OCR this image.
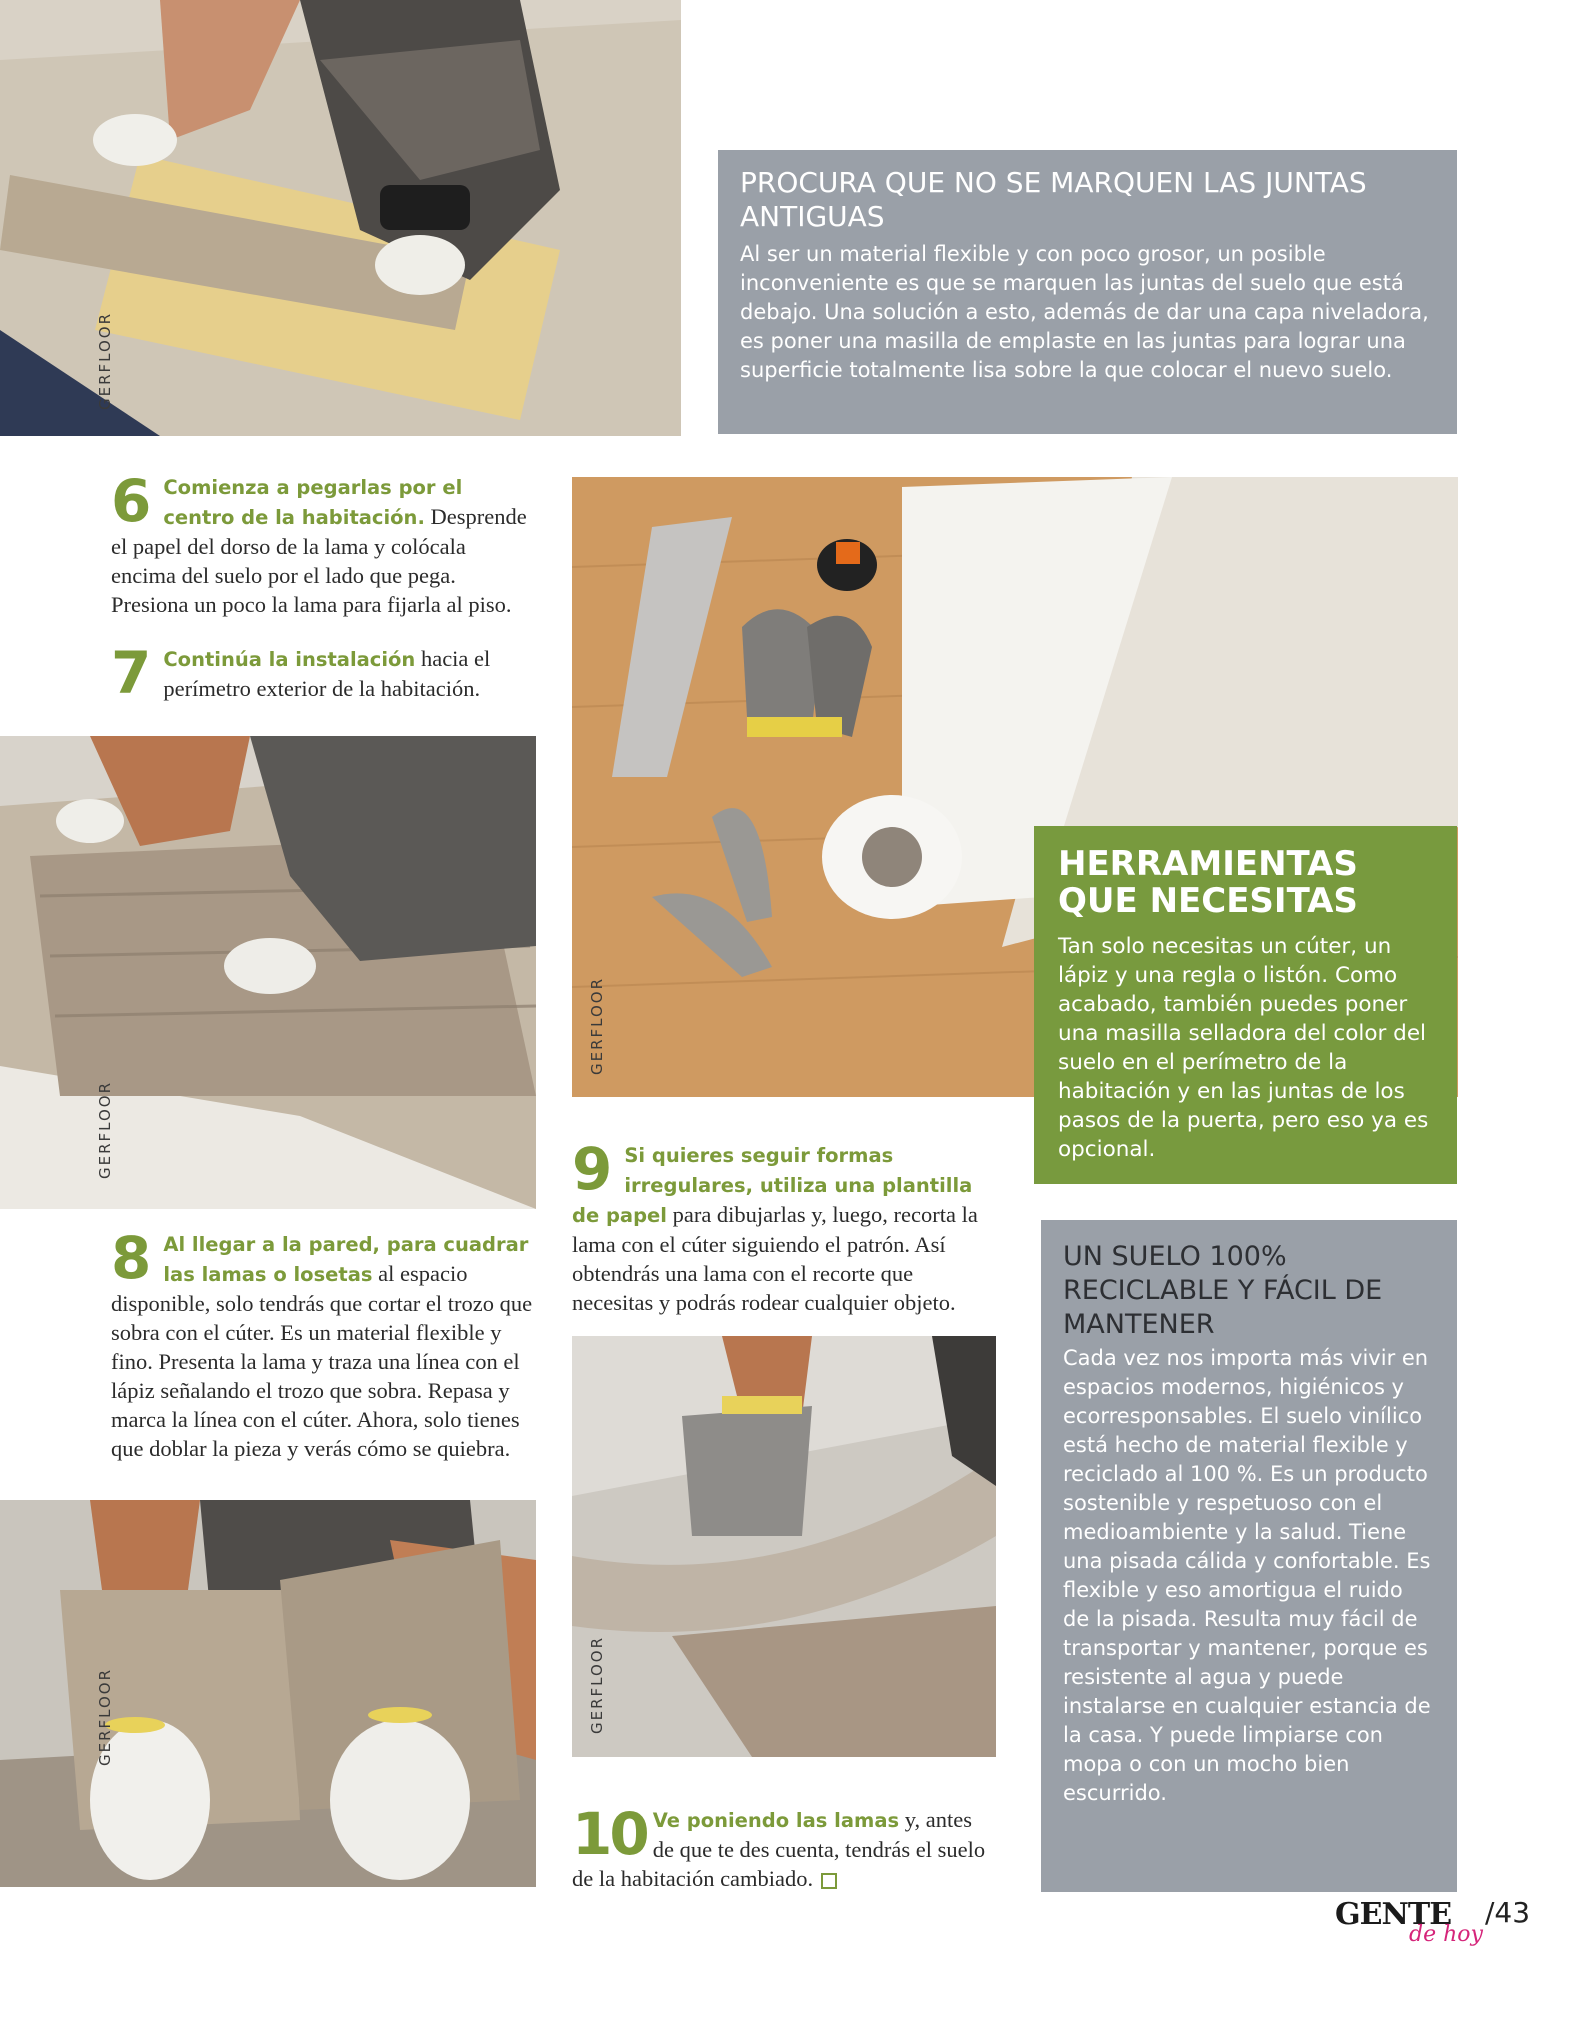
GERFLOOR
PROCURA QUE NO SE MARQUEN LAS JUNTAS ANTIGUAS
Al ser un material flexible y con poco grosor, un posible inconveniente es que se marquen las juntas del suelo que está debajo. Una solución a esto, además de dar una capa niveladora, es poner una masilla de emplaste en las juntas para lograr una superficie totalmente lisa sobre la que colocar el nuevo suelo.
6 Comienza a pegarlas por el centro de la habitación. Desprende el papel del dorso de la lama y colócala encima del suelo por el lado que pega. Presiona un poco la lama para fijarla al piso.
7 Continúa la instalación hacia el perímetro exterior de la habitación.
GERFLOOR
HERRAMIENTAS QUE NECESITAS
Tan solo necesitas un cúter, un lápiz y una regla o listón. Como acabado, también puedes poner una masilla selladora del color del suelo en el perímetro de la habitación y en las juntas de los pasos de la puerta, pero eso ya es opcional.
GERFLOOR
8 Al llegar a la pared, para cuadrar las lamas o losetas al espacio disponible, solo tendrás que cortar el trozo que sobra con el cúter. Es un material flexible y fino. Presenta la lama y traza una línea con el lápiz señalando el trozo que sobra. Repasa y marca la línea con el cúter. Ahora, solo tienes que doblar la pieza y verás cómo se quiebra.
9 Si quieres seguir formas irregulares, utiliza una plantilla de papel para dibujarlas y, luego, recorta la lama con el cúter siguiendo el patrón. Así obtendrás una lama con el recorte que necesitas y podrás rodear cualquier objeto.
UN SUELO 100% RECICLABLE Y FÁCIL DE MANTENER
Cada vez nos importa más vivir en espacios modernos, higiénicos y ecorresponsables. El suelo vinílico está hecho de material flexible y reciclado al 100 %. Es un producto sostenible y respetuoso con el medioambiente y la salud. Tiene una pisada cálida y confortable. Es flexible y eso amortigua el ruido de la pisada. Resulta muy fácil de transportar y mantener, porque es resistente al agua y puede instalarse en cualquier estancia de la casa. Y puede limpiarse con mopa o con un mocho bien escurrido.
GERFLOOR	GERFLOOR
10 Ve poniendo las lamas y, antes de que te des cuenta, tendrás el suelo de la habitación cambiado.
GENTE
de hoy
/43
